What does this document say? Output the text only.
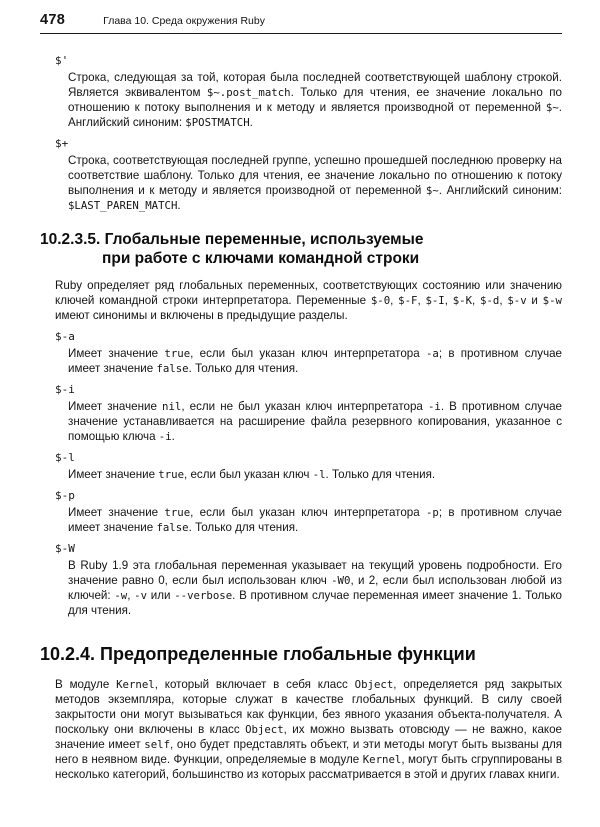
478	Глава 10. Среда окружения Ruby
$'

Строка, следующая за той, которая была последней соответствующей шаблону строкой. Является эквивалентом $~.post_match. Только для чтения, ее значение локально по отношению к потоку выполнения и к методу и является производной от переменной $~. Английский синоним: $POSTMATCH.

$+

Строка, соответствующая последней группе, успешно прошедшей последнюю проверку на соответствие шаблону. Только для чтения, ее значение локально по отношению к потоку выполнения и к методу и является производной от переменной $~. Английский синоним: $LAST_PAREN_MATCH.

10.2.3.5. Глобальные переменные, используемые
при работе с ключами командной строки

Ruby определяет ряд глобальных переменных, соответствующих состоянию или значению ключей командной строки интерпретатора. Переменные $-0, $-F, $-I, $-K, $-d, $-v и $-w имеют синонимы и включены в предыдущие разделы.

$-a

Имеет значение true, если был указан ключ интерпретатора -a; в противном случае имеет значение false. Только для чтения.

$-i

Имеет значение nil, если не был указан ключ интерпретатора -i. В противном случае значение устанавливается на расширение файла резервного копирования, указанное с помощью ключа -i.

$-l

Имеет значение true, если был указан ключ -l. Только для чтения.

$-p

Имеет значение true, если был указан ключ интерпретатора -p; в противном случае имеет значение false. Только для чтения.

$-W

В Ruby 1.9 эта глобальная переменная указывает на текущий уровень подробности. Его значение равно 0, если был использован ключ -W0, и 2, если был использован любой из ключей: -w, -v или --verbose. В противном случае переменная имеет значение 1. Только для чтения.

10.2.4. Предопределенные глобальные функции

В модуле Kernel, который включает в себя класс Object, определяется ряд закрытых методов экземпляра, которые служат в качестве глобальных функций. В силу своей закрытости они могут вызываться как функции, без явного указания объекта-получателя. А поскольку они включены в класс Object, их можно вызвать отовсюду — не важно, какое значение имеет self, оно будет представлять объект, и эти методы могут быть вызваны для него в неявном виде. Функции, определяемые в модуле Kernel, могут быть сгруппированы в несколько категорий, большинство из которых рассматривается в этой и других главах книги.
